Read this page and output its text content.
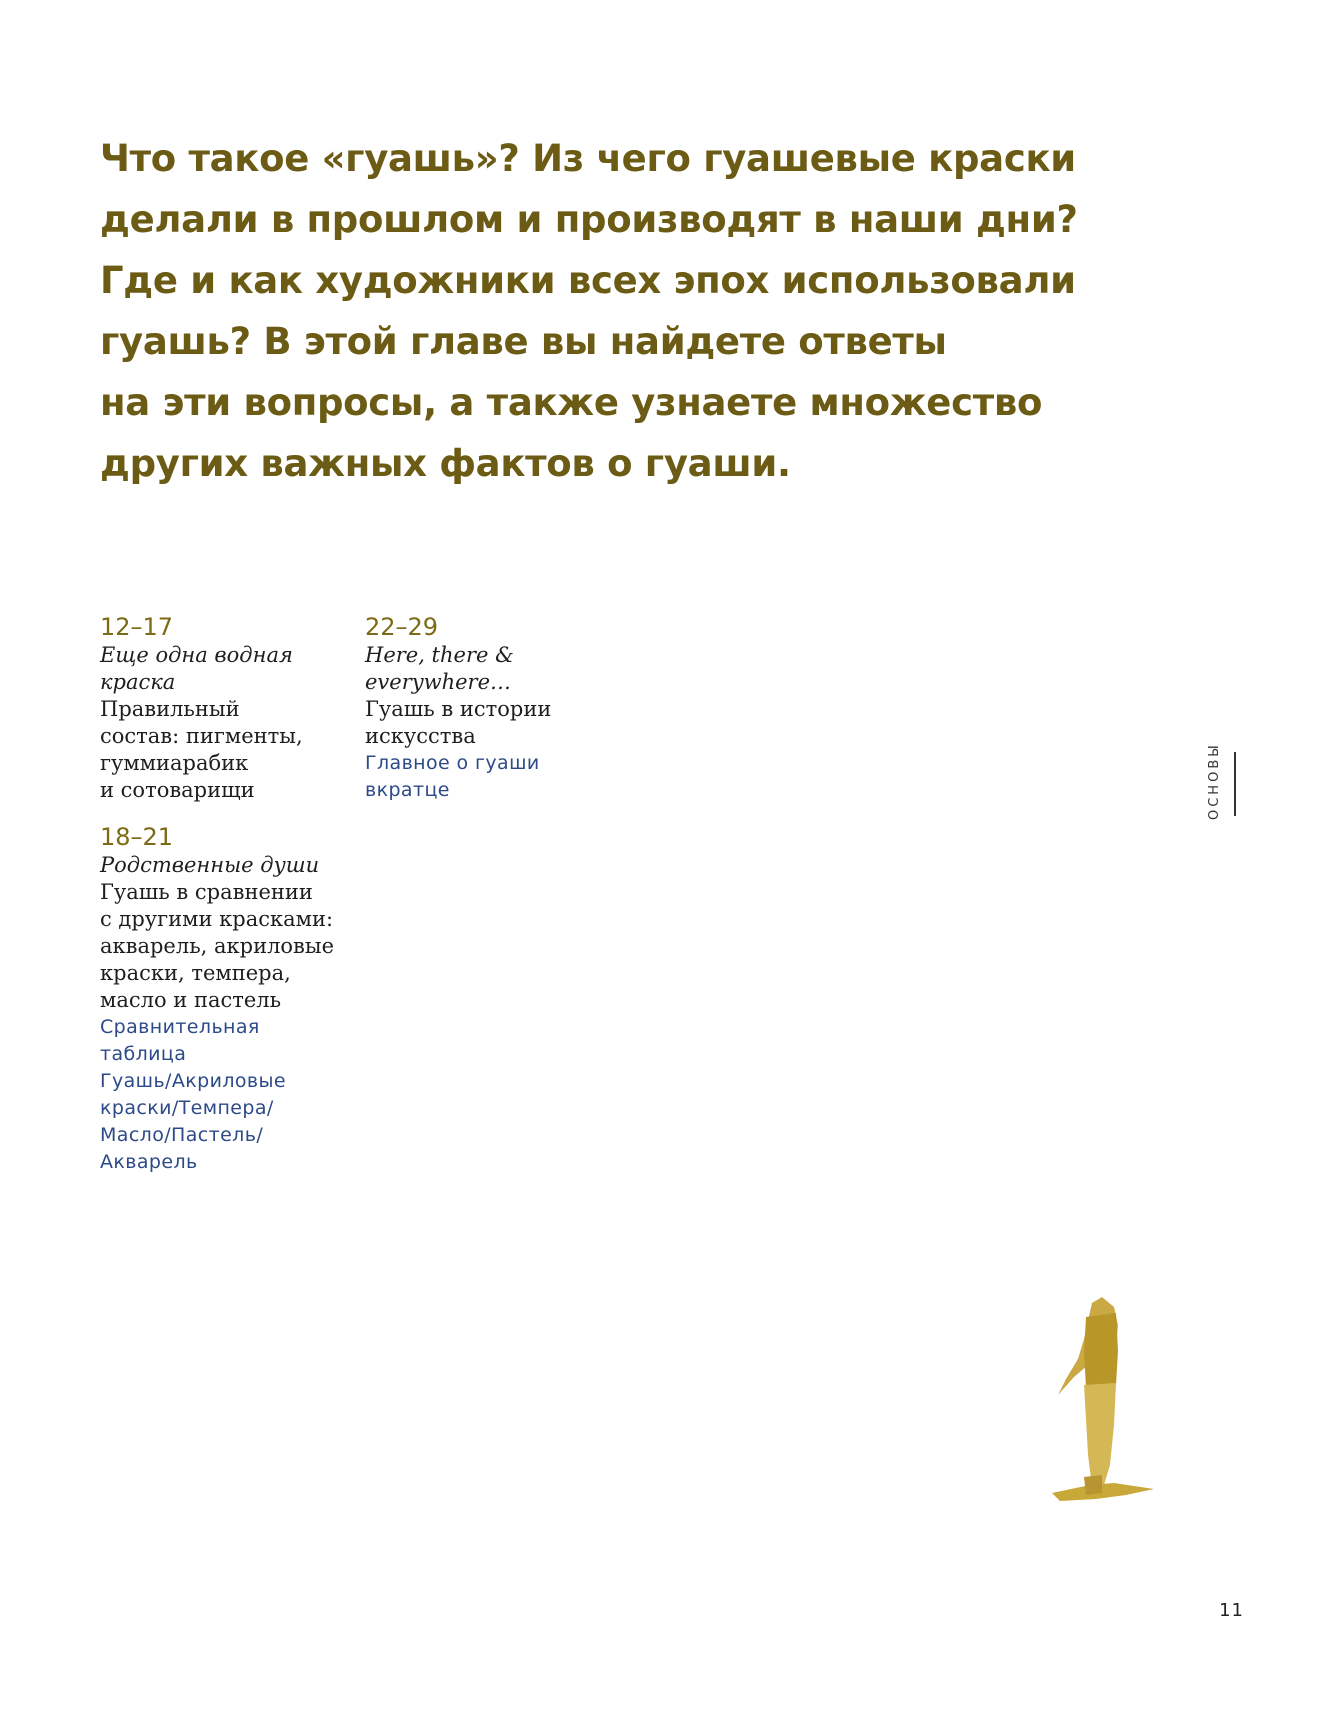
Что такое «гуашь»? Из чего гуашевые краски
делали в прошлом и производят в наши дни?
Где и как художники всех эпох использовали
гуашь? В этой главе вы найдете ответы
на эти вопросы, а также узнаете множество
других важных фактов о гуаши.
12–17
Еще одна водная
краска
Правильный
состав: пигменты,
гуммиарабик
и сотоварищи
18–21
Родственные души
Гуашь в сравнении
с другими красками:
акварель, акриловые
краски, темпера,
масло и пастель
Сравнительная
таблица
Гуашь/Акриловые
краски/Темпера/
Масло/Пастель/
Акварель
22–29
Here, there &
everywhere…
Гуашь в истории
искусства
Главное о гуаши
вкратце	ОСНОВЫ
11
